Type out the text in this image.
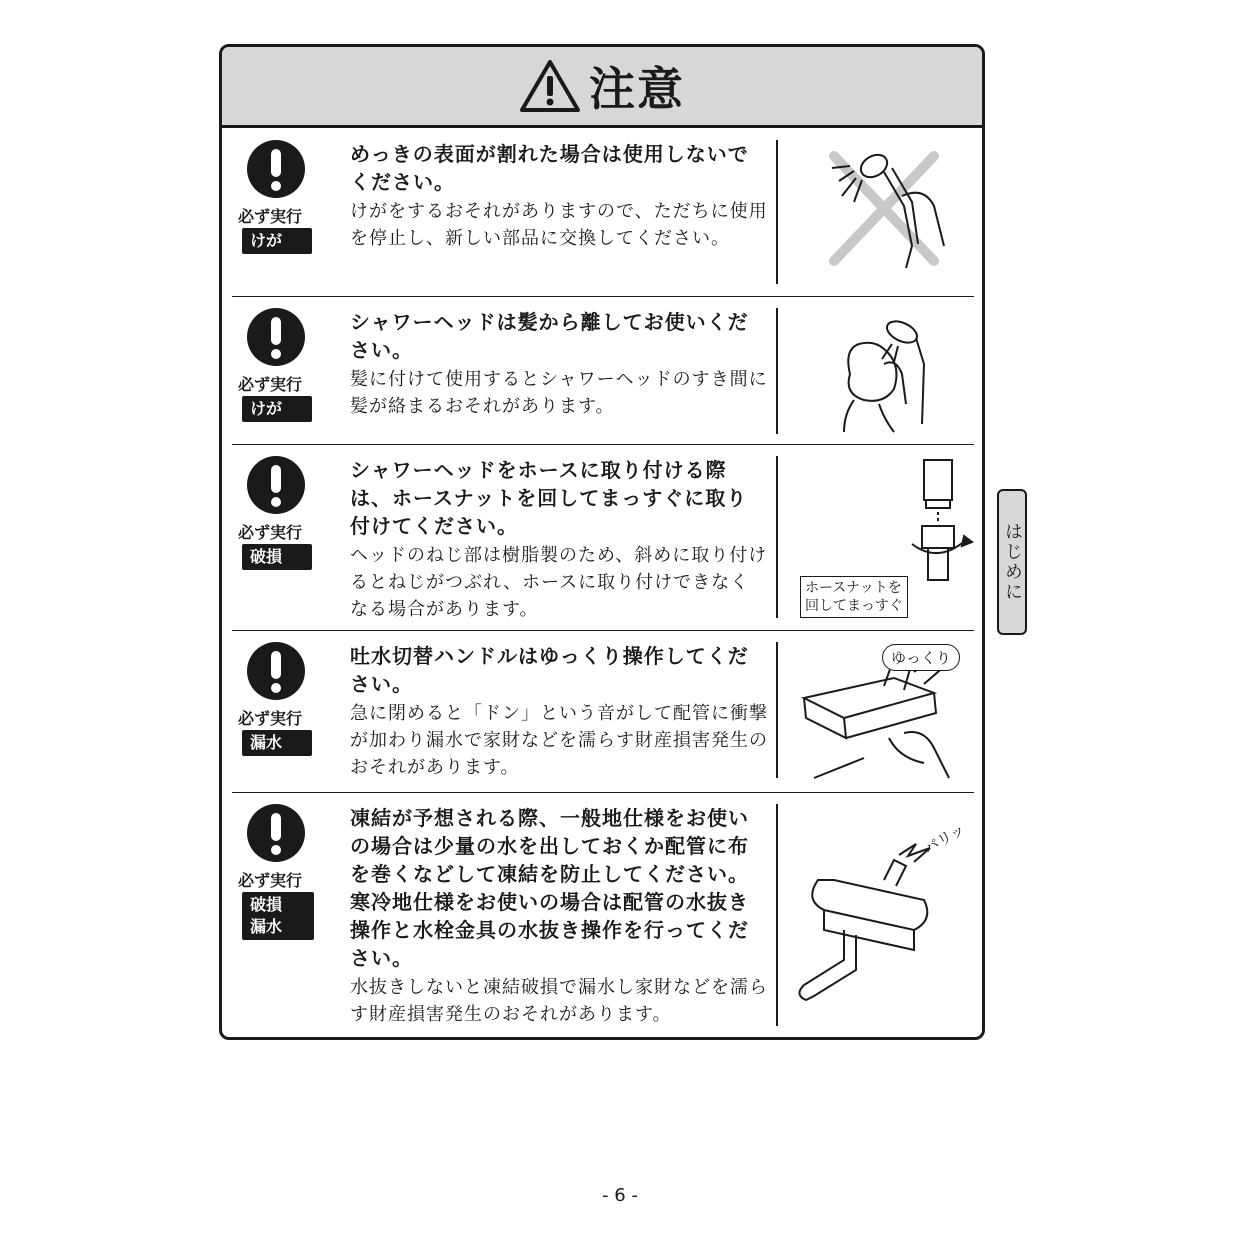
注意
必ず実行
けが
めっきの表面が割れた場合は使用しないでください。
けがをするおそれがありますので、ただちに使用を停止し、新しい部品に交換してください。
必ず実行
けが
シャワーヘッドは髪から離してお使いください。
髪に付けて使用するとシャワーヘッドのすき間に髪が絡まるおそれがあります。
必ず実行
破損
シャワーヘッドをホースに取り付ける際は、ホースナットを回してまっすぐに取り付けてください。
ヘッドのねじ部は樹脂製のため、斜めに取り付けるとねじがつぶれ、ホースに取り付けできなくなる場合があります。
ホースナットを
回してまっすぐ
必ず実行
漏水
吐水切替ハンドルはゆっくり操作してください。
急に閉めると「ドン」という音がして配管に衝撃が加わり漏水で家財などを濡らす財産損害発生のおそれがあります。
ゆっくり
必ず実行
破損
漏水
凍結が予想される際、一般地仕様をお使いの場合は少量の水を出しておくか配管に布を巻くなどして凍結を防止してください。寒冷地仕様をお使いの場合は配管の水抜き操作と水栓金具の水抜き操作を行ってください。
水抜きしないと凍結破損で漏水し家財などを濡らす財産損害発生のおそれがあります。
パリッ
はじめに
- 6 -
